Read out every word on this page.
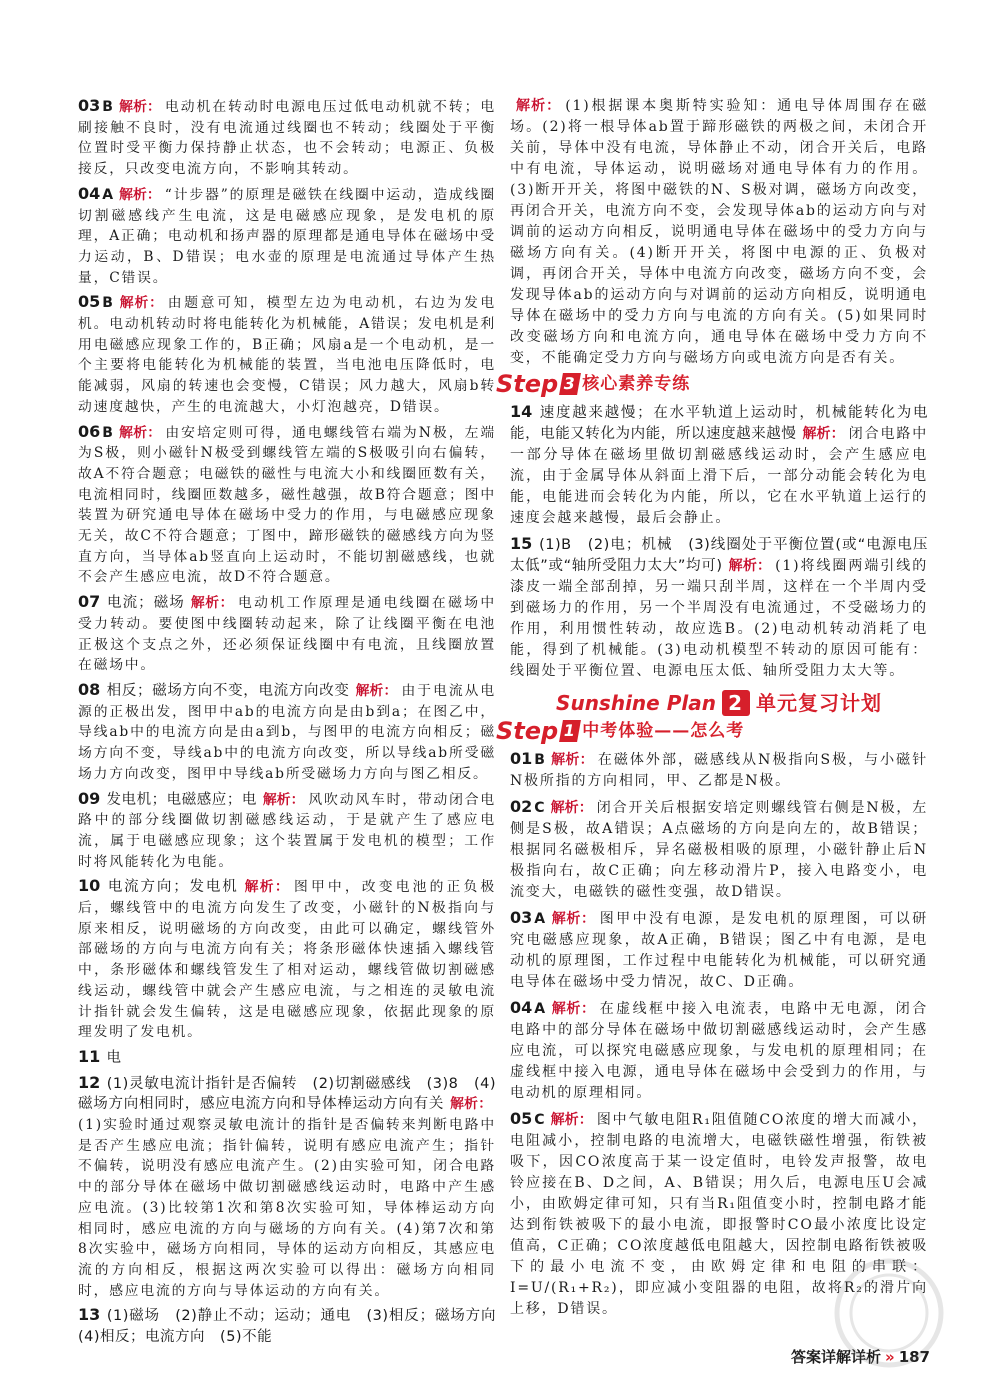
03 B 解析： 电动机在转动时电源电压过低电动机就不转；电刷接触不良时，没有电流通过线圈也不转动；线圈处于平衡位置时受平衡力保持静止状态，也不会转动；电源正、负极接反，只改变电流方向，不影响其转动。
04 A 解析： “计步器”的原理是磁铁在线圈中运动，造成线圈切割磁感线产生电流，这是电磁感应现象，是发电机的原理，A正确；电动机和扬声器的原理都是通电导体在磁场中受力运动，B、D错误；电水壶的原理是电流通过导体产生热量，C错误。
05 B 解析： 由题意可知，模型左边为电动机，右边为发电机。电动机转动时将电能转化为机械能，A错误；发电机是利用电磁感应现象工作的，B正确；风扇a是一个电动机，是一个主要将电能转化为机械能的装置，当电池电压降低时，电能减弱，风扇的转速也会变慢，C错误；风力越大，风扇b转动速度越快，产生的电流越大，小灯泡越亮，D错误。
06 B 解析： 由安培定则可得，通电螺线管右端为N极，左端为S极，则小磁针N极受到螺线管左端的S极吸引向右偏转，故A不符合题意；电磁铁的磁性与电流大小和线圈匝数有关，电流相同时，线圈匝数越多，磁性越强，故B符合题意；图中装置为研究通电导体在磁场中受力的作用，与电磁感应现象无关，故C不符合题意；丁图中，蹄形磁铁的磁感线方向为竖直方向，当导体ab竖直向上运动时，不能切割磁感线，也就不会产生感应电流，故D不符合题意。
07 电流；磁场 解析： 电动机工作原理是通电线圈在磁场中受力转动。要使图中线圈转动起来，除了让线圈平衡在电池正极这个支点之外，还必须保证线圈中有电流，且线圈放置在磁场中。
08 相反；磁场方向不变，电流方向改变 解析： 由于电流从电源的正极出发，图甲中ab的电流方向是由b到a；在图乙中，导线ab中的电流方向是由a到b，与图甲的电流方向相反；磁场方向不变，导线ab中的电流方向改变，所以导线ab所受磁场力方向改变，图甲中导线ab所受磁场力方向与图乙相反。
09 发电机；电磁感应；电 解析： 风吹动风车时，带动闭合电路中的部分线圈做切割磁感线运动，于是就产生了感应电流，属于电磁感应现象；这个装置属于发电机的模型；工作时将风能转化为电能。
10 电流方向；发电机 解析： 图甲中，改变电池的正负极后，螺线管中的电流方向发生了改变，小磁针的N极指向与原来相反，说明磁场的方向改变，由此可以确定，螺线管外部磁场的方向与电流方向有关；将条形磁体快速插入螺线管中，条形磁体和螺线管发生了相对运动，螺线管做切割磁感线运动，螺线管中就会产生感应电流，与之相连的灵敏电流计指针就会发生偏转，这是电磁感应现象，依据此现象的原理发明了发电机。
11 电
12 (1)灵敏电流计指针是否偏转　(2)切割磁感线　(3)8　(4)磁场方向相同时，感应电流方向和导体棒运动方向有关 解析：(1)实验时通过观察灵敏电流计的指针是否偏转来判断电路中是否产生感应电流；指针偏转，说明有感应电流产生；指针不偏转，说明没有感应电流产生。(2)由实验可知，闭合电路中的部分导体在磁场中做切割磁感线运动时，电路中产生感应电流。(3)比较第1次和第8次实验可知，导体棒运动方向相同时，感应电流的方向与磁场的方向有关。(4)第7次和第8次实验中，磁场方向相同，导体的运动方向相反，其感应电流的方向相反，根据这两次实验可以得出：磁场方向相同时，感应电流的方向与导体运动的方向有关。
13 (1)磁场　(2)静止不动；运动；通电　(3)相反；磁场方向　(4)相反；电流方向　(5)不能
解析： (1)根据课本奥斯特实验知：通电导体周围存在磁场。(2)将一根导体ab置于蹄形磁铁的两极之间，未闭合开关前，导体中没有电流，导体静止不动，闭合开关后，电路中有电流，导体运动，说明磁场对通电导体有力的作用。(3)断开开关，将图中磁铁的N、S极对调，磁场方向改变，再闭合开关，电流方向不变，会发现导体ab的运动方向与对调前的运动方向相反，说明通电导体在磁场中的受力方向与磁场方向有关。(4)断开开关，将图中电源的正、负极对调，再闭合开关，导体中电流方向改变，磁场方向不变，会发现导体ab的运动方向与对调前的运动方向相反，说明通电导体在磁场中的受力方向与电流的方向有关。(5)如果同时改变磁场方向和电流方向，通电导体在磁场中受力方向不变，不能确定受力方向与磁场方向或电流方向是否有关。
Step 3 核心素养专练
14 速度越来越慢；在水平轨道上运动时，机械能转化为电能，电能又转化为内能，所以速度越来越慢 解析： 闭合电路中一部分导体在磁场里做切割磁感线运动时，会产生感应电流，由于金属导体从斜面上滑下后，一部分动能会转化为电能，电能进而会转化为内能，所以，它在水平轨道上运行的速度会越来越慢，最后会静止。
15 (1)B　(2)电；机械　(3)线圈处于平衡位置(或“电源电压太低”或“轴所受阻力太大”均可) 解析： (1)将线圈两端引线的漆皮一端全部刮掉，另一端只刮半周，这样在一个半周内受到磁场力的作用，另一个半周没有电流通过，不受磁场力的作用，利用惯性转动，故应选B。(2)电动机转动消耗了电能，得到了机械能。(3)电动机模型不转动的原因可能有：线圈处于平衡位置、电源电压太低、轴所受阻力太大等。
Sunshine Plan 2 单元复习计划
Step 1 中考体验——怎么考
01 B 解析： 在磁体外部，磁感线从N极指向S极，与小磁针N极所指的方向相同，甲、乙都是N极。
02 C 解析： 闭合开关后根据安培定则螺线管右侧是N极，左侧是S极，故A错误；A点磁场的方向是向左的，故B错误；根据同名磁极相斥，异名磁极相吸的原理，小磁针静止后N极指向右，故C正确；向左移动滑片P，接入电路变小，电流变大，电磁铁的磁性变强，故D错误。
03 A 解析： 图甲中没有电源，是发电机的原理图，可以研究电磁感应现象，故A正确，B错误；图乙中有电源，是电动机的原理图，工作过程中电能转化为机械能，可以研究通电导体在磁场中受力情况，故C、D正确。
04 A 解析： 在虚线框中接入电流表，电路中无电源，闭合电路中的部分导体在磁场中做切割磁感线运动时，会产生感应电流，可以探究电磁感应现象，与发电机的原理相同；在虚线框中接入电源，通电导体在磁场中会受到力的作用，与电动机的原理相同。
05 C 解析： 图中气敏电阻R₁阻值随CO浓度的增大而减小，电阻减小，控制电路的电流增大，电磁铁磁性增强，衔铁被吸下，因CO浓度高于某一设定值时，电铃发声报警，故电铃应接在B、D之间，A、B错误；用久后，电源电压U会减小，由欧姆定律可知，只有当R₁阻值变小时，控制电路才能达到衔铁被吸下的最小电流，即报警时CO最小浓度比设定值高，C正确；CO浓度越低电阻越大，因控制电路衔铁被吸下的最小电流不变，由欧姆定律和电阻的串联：I=U/(R₁+R₂)，即应减小变阻器的电阻，故将R₂的滑片向上移，D错误。
答案详解详析 » 187
